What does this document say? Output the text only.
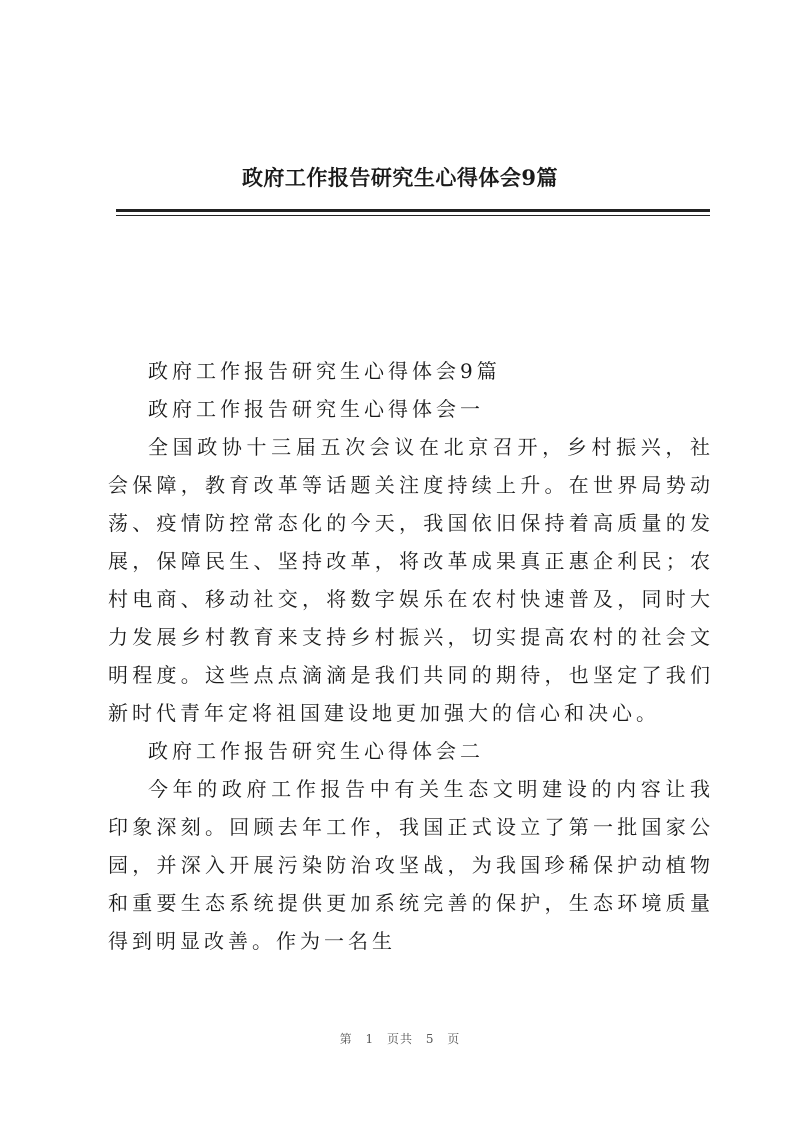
政府工作报告研究生心得体会9篇

政府工作报告研究生心得体会9篇

政府工作报告研究生心得体会一

全国政协十三届五次会议在北京召开，乡村振兴，社会保障，教育改革等话题关注度持续上升。在世界局势动荡、疫情防控常态化的今天，我国依旧保持着高质量的发展，保障民生、坚持改革，将改革成果真正惠企利民；农村电商、移动社交，将数字娱乐在农村快速普及，同时大力发展乡村教育来支持乡村振兴，切实提高农村的社会文明程度。这些点点滴滴是我们共同的期待，也坚定了我们新时代青年定将祖国建设地更加强大的信心和决心。

政府工作报告研究生心得体会二

今年的政府工作报告中有关生态文明建设的内容让我印象深刻。回顾去年工作，我国正式设立了第一批国家公园，并深入开展污染防治攻坚战，为我国珍稀保护动植物和重要生态系统提供更加系统完善的保护，生态环境质量得到明显改善。作为一名生

第 1 页共 5 页
